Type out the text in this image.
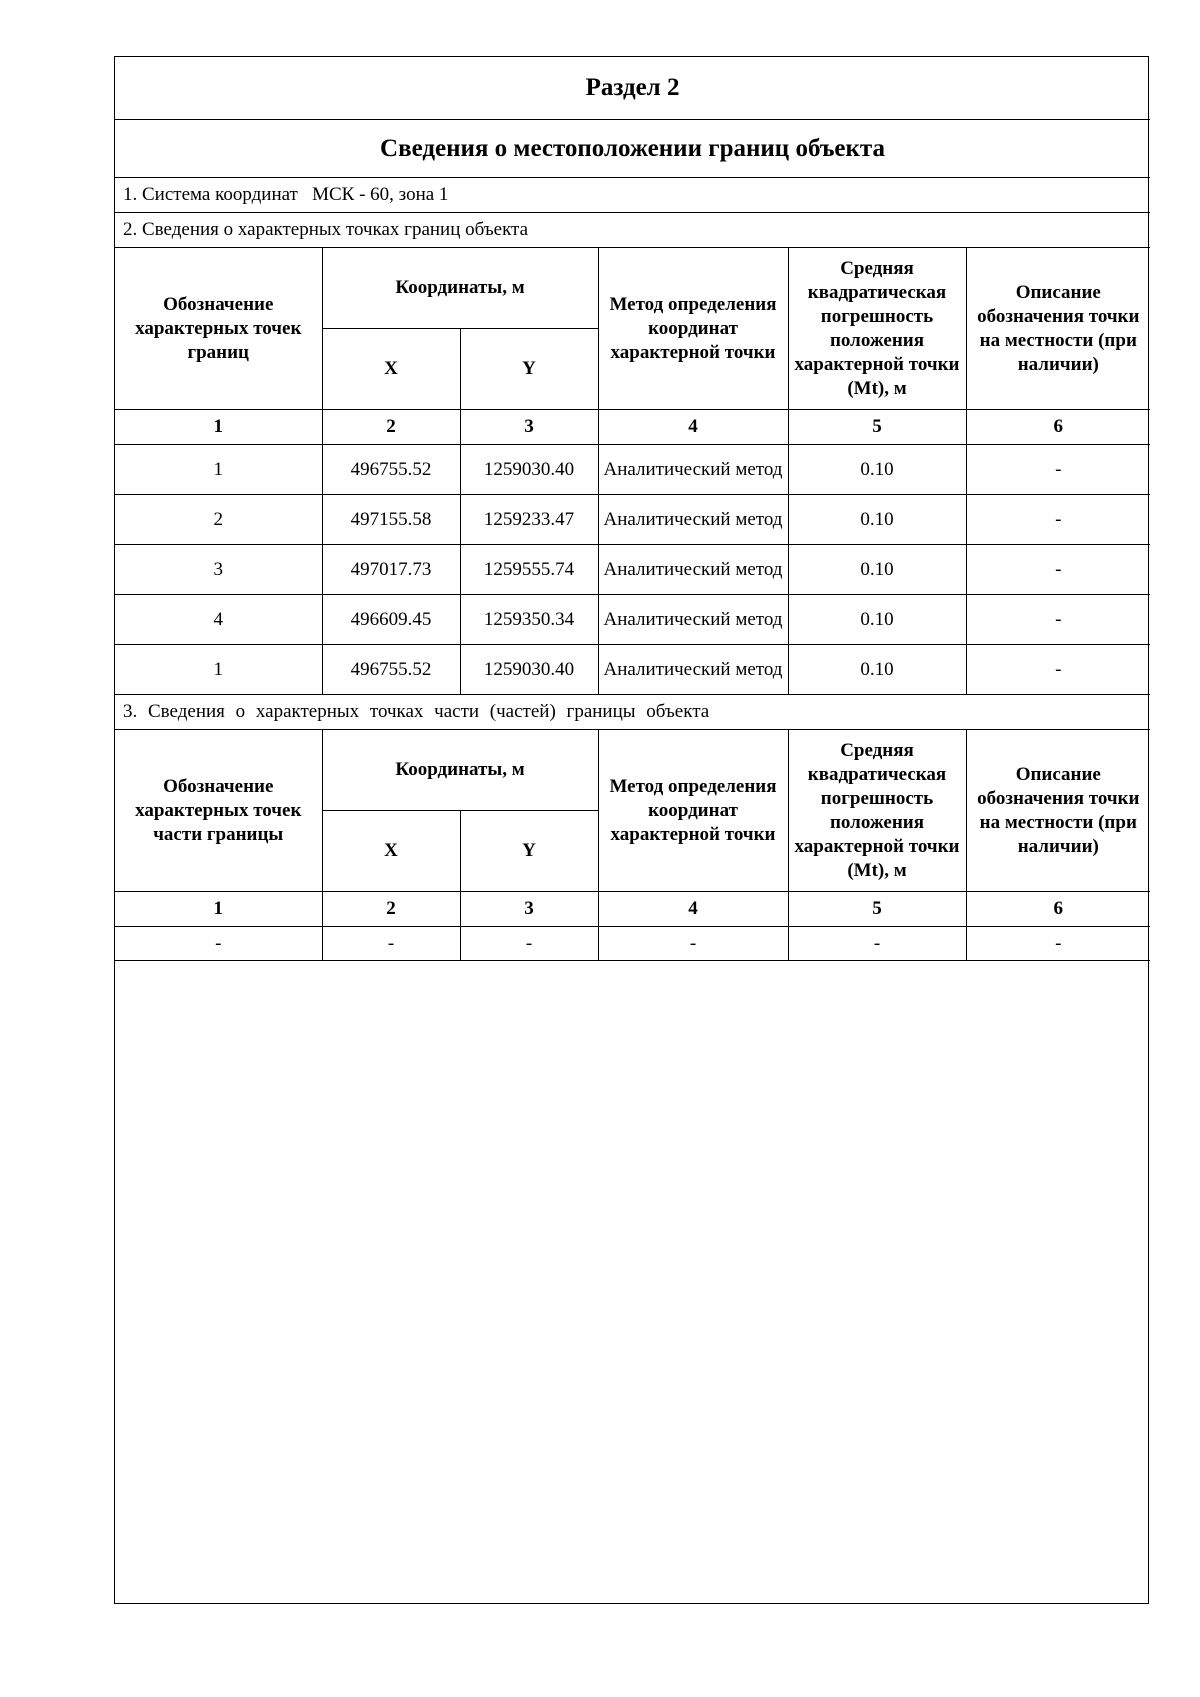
Раздел 2					
Сведения о местоположении границ объекта					
1. Система координат МСК - 60, зона 1					
2. Сведения о характерных точках границ объекта					
Обозначение характерных точек границ	Координаты, м		Метод определения координат характерной точки	Средняя квадратическая погрешность положения характерной точки (Mt), м	Описание обозначения точки на местности (при наличии)
	X	Y			
1	2	3	4	5	6
1	496755.52	1259030.40	Аналитический метод	0.10	-
2	497155.58	1259233.47	Аналитический метод	0.10	-
3	497017.73	1259555.74	Аналитический метод	0.10	-
4	496609.45	1259350.34	Аналитический метод	0.10	-
1	496755.52	1259030.40	Аналитический метод	0.10	-
3. Сведения о характерных точках части (частей) границы объекта					
Обозначение характерных точек части границы	Координаты, м		Метод определения координат характерной точки	Средняя квадратическая погрешность положения характерной точки (Mt), м	Описание обозначения точки на местности (при наличии)
	X	Y			
1	2	3	4	5	6
-	-	-	-	-	-
